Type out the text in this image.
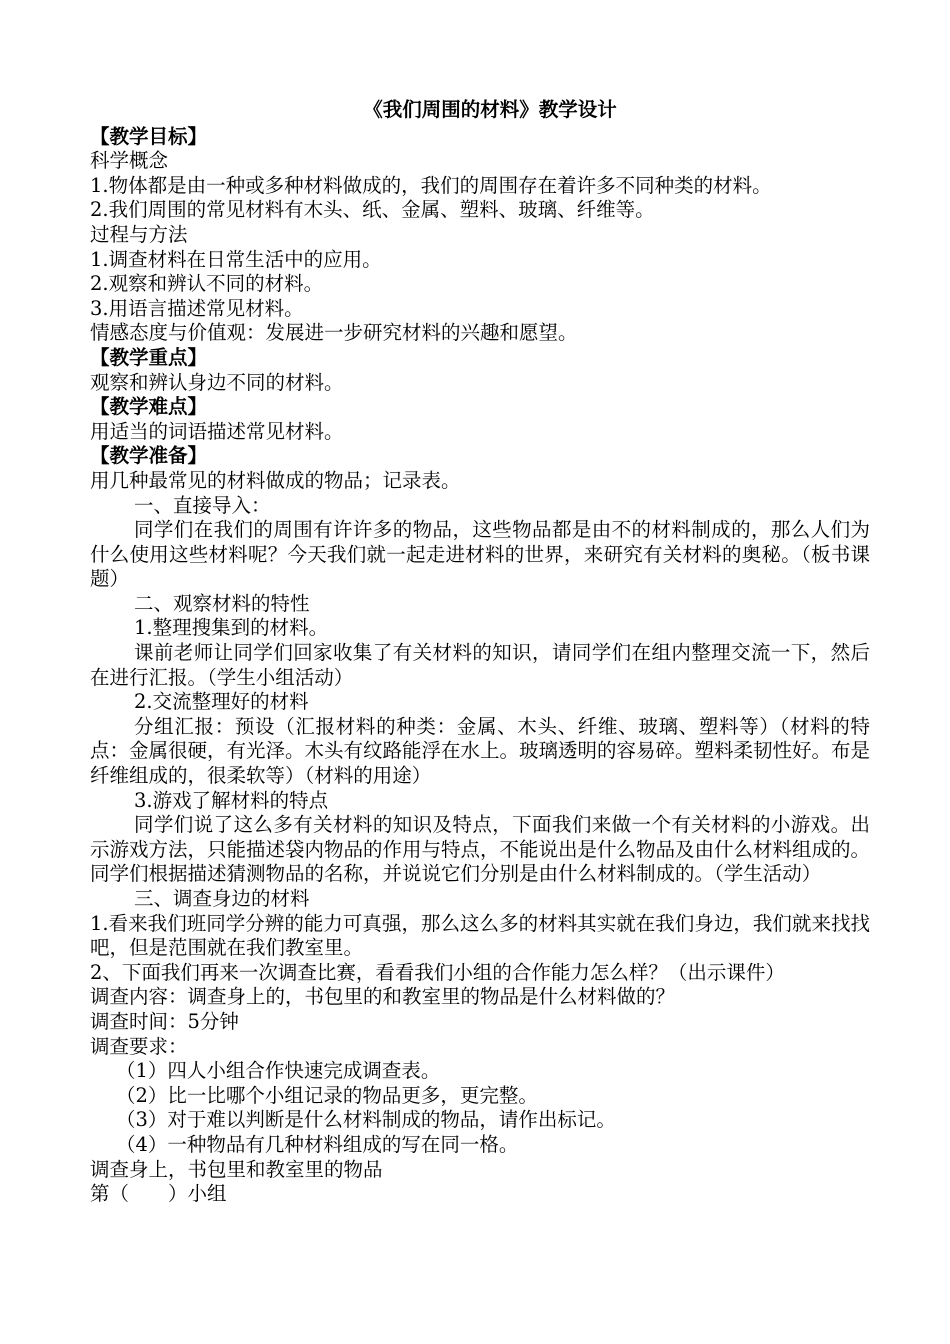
《我们周围的材料》教学设计

【教学目标】

科学概念

1.物体都是由一种或多种材料做成的，我们的周围存在着许多不同种类的材料。

2.我们周围的常见材料有木头、纸、金属、塑料、玻璃、纤维等。

过程与方法

1.调查材料在日常生活中的应用。

2.观察和辨认不同的材料。

3.用语言描述常见材料。

情感态度与价值观：发展进一步研究材料的兴趣和愿望。

【教学重点】

观察和辨认身边不同的材料。

【教学难点】

用适当的词语描述常见材料。

【教学准备】

用几种最常见的材料做成的物品；记录表。

一、直接导入：

同学们在我们的周围有许许多的物品，这些物品都是由不的材料制成的，那么人们为什么使用这些材料呢？今天我们就一起走进材料的世界，来研究有关材料的奥秘。（板书课题）

二、观察材料的特性

1.整理搜集到的材料。

课前老师让同学们回家收集了有关材料的知识，请同学们在组内整理交流一下，然后在进行汇报。（学生小组活动）

2.交流整理好的材料

分组汇报：预设（汇报材料的种类：金属、木头、纤维、玻璃、塑料等）（材料的特点：金属很硬，有光泽。木头有纹路能浮在水上。玻璃透明的容易碎。塑料柔韧性好。布是纤维组成的，很柔软等）（材料的用途）

3.游戏了解材料的特点

同学们说了这么多有关材料的知识及特点，下面我们来做一个有关材料的小游戏。出示游戏方法，只能描述袋内物品的作用与特点，不能说出是什么物品及由什么材料组成的。同学们根据描述猜测物品的名称，并说说它们分别是由什么材料制成的。（学生活动）

三、调查身边的材料

1.看来我们班同学分辨的能力可真强，那么这么多的材料其实就在我们身边，我们就来找找吧，但是范围就在我们教室里。

2、下面我们再来一次调查比赛，看看我们小组的合作能力怎么样？（出示课件）

调查内容：调查身上的，书包里的和教室里的物品是什么材料做的？

调查时间：5分钟

调查要求：

（1）四人小组合作快速完成调查表。

（2）比一比哪个小组记录的物品更多，更完整。

（3）对于难以判断是什么材料制成的物品，请作出标记。

（4）一种物品有几种材料组成的写在同一格。

调查身上，书包里和教室里的物品

第（　　）小组
